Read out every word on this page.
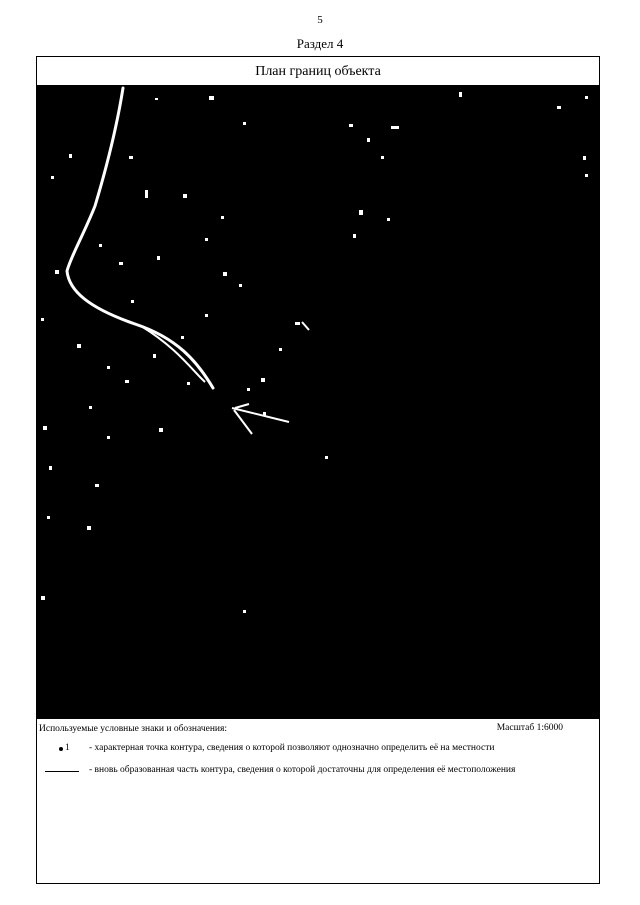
5
Раздел 4
План границ объекта
Используемые условные знаки и обозначения:	Масштаб 1:6000
1 - характерная точка контура, сведения о которой позволяют однозначно определить её на местности
- вновь образованная часть контура, сведения о которой достаточны для определения её местоположения
